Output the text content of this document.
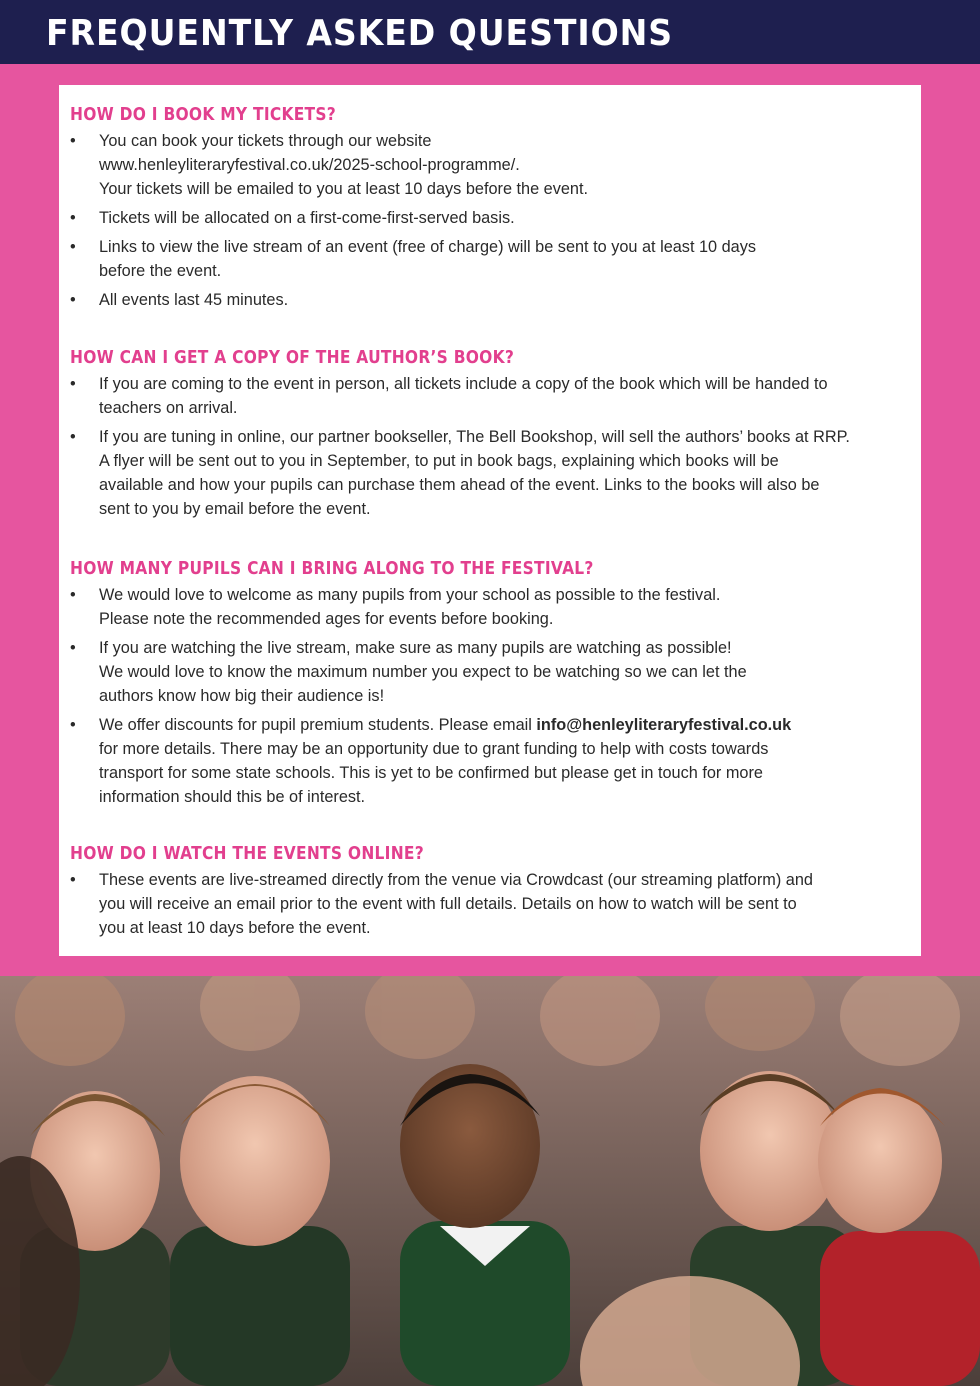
FREQUENTLY ASKED QUESTIONS
HOW DO I BOOK MY TICKETS?
• You can book your tickets through our website
www.henleyliteraryfestival.co.uk/2025-school-programme/.
Your tickets will be emailed to you at least 10 days before the event.
• Tickets will be allocated on a first-come-first-served basis.
• Links to view the live stream of an event (free of charge) will be sent to you at least 10 days
before the event.
• All events last 45 minutes.
HOW CAN I GET A COPY OF THE AUTHOR’S BOOK?
• If you are coming to the event in person, all tickets include a copy of the book which will be handed to
teachers on arrival.
• If you are tuning in online, our partner bookseller, The Bell Bookshop, will sell the authors’ books at RRP.
A flyer will be sent out to you in September, to put in book bags, explaining which books will be
available and how your pupils can purchase them ahead of the event. Links to the books will also be
sent to you by email before the event.
HOW MANY PUPILS CAN I BRING ALONG TO THE FESTIVAL?
• We would love to welcome as many pupils from your school as possible to the festival.
Please note the recommended ages for events before booking.
• If you are watching the live stream, make sure as many pupils are watching as possible!
We would love to know the maximum number you expect to be watching so we can let the
authors know how big their audience is!
• We offer discounts for pupil premium students. Please email info@henleyliteraryfestival.co.uk
for more details. There may be an opportunity due to grant funding to help with costs towards
transport for some state schools. This is yet to be confirmed but please get in touch for more
information should this be of interest.
HOW DO I WATCH THE EVENTS ONLINE?
• These events are live-streamed directly from the venue via Crowdcast (our streaming platform) and
you will receive an email prior to the event with full details. Details on how to watch will be sent to
you at least 10 days before the event.
